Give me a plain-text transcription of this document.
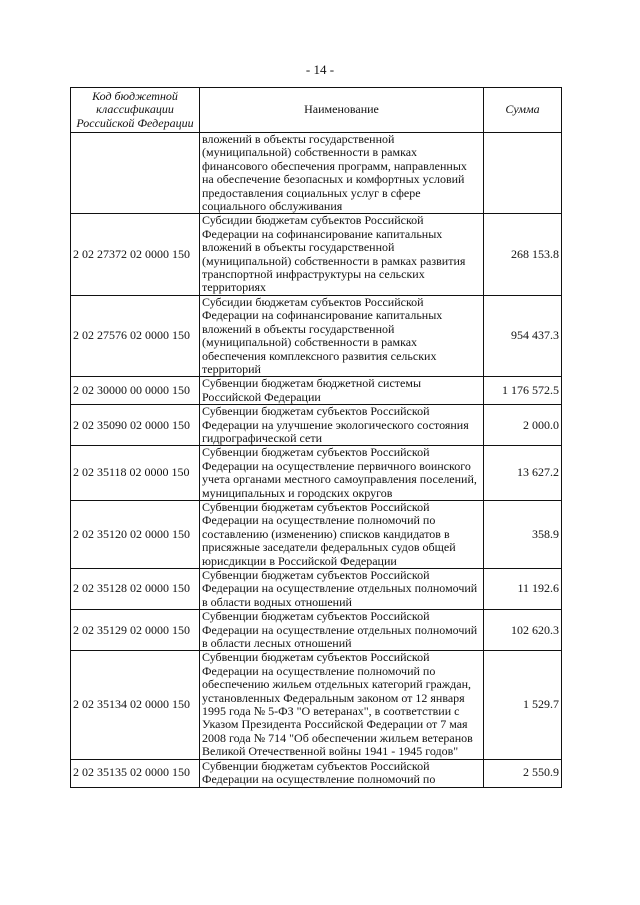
- 14 -
Код бюджетной классификации Российской Федерации	Наименование	Сумма
	вложений в объекты государственной (муниципальной) собственности в рамках финансового обеспечения программ, направленных на обеспечение безопасных и комфортных условий предоставления социальных услуг в сфере социального обслуживания	
2 02 27372 02 0000 150	Субсидии бюджетам субъектов Российской Федерации на софинансирование капитальных вложений в объекты государственной (муниципальной) собственности в рамках развития транспортной инфраструктуры на сельских территориях	268 153.8
2 02 27576 02 0000 150	Субсидии бюджетам субъектов Российской Федерации на софинансирование капитальных вложений в объекты государственной (муниципальной) собственности в рамках обеспечения комплексного развития сельских территорий	954 437.3
2 02 30000 00 0000 150	Субвенции бюджетам бюджетной системы Российской Федерации	1 176 572.5
2 02 35090 02 0000 150	Субвенции бюджетам субъектов Российской Федерации на улучшение экологического состояния гидрографической сети	2 000.0
2 02 35118 02 0000 150	Субвенции бюджетам субъектов Российской Федерации на осуществление первичного воинского учета органами местного самоуправления поселений, муниципальных и городских округов	13 627.2
2 02 35120 02 0000 150	Субвенции бюджетам субъектов Российской Федерации на осуществление полномочий по составлению (изменению) списков кандидатов в присяжные заседатели федеральных судов общей юрисдикции в Российской Федерации	358.9
2 02 35128 02 0000 150	Субвенции бюджетам субъектов Российской Федерации на осуществление отдельных полномочий в области водных отношений	11 192.6
2 02 35129 02 0000 150	Субвенции бюджетам субъектов Российской Федерации на осуществление отдельных полномочий в области лесных отношений	102 620.3
2 02 35134 02 0000 150	Субвенции бюджетам субъектов Российской Федерации на осуществление полномочий по обеспечению жильем отдельных категорий граждан, установленных Федеральным законом от 12 января 1995 года № 5-ФЗ "О ветеранах", в соответствии с Указом Президента Российской Федерации от 7 мая 2008 года № 714 "Об обеспечении жильем ветеранов Великой Отечественной войны 1941 - 1945 годов"	1 529.7
2 02 35135 02 0000 150	Субвенции бюджетам субъектов Российской Федерации на осуществление полномочий по	2 550.9
